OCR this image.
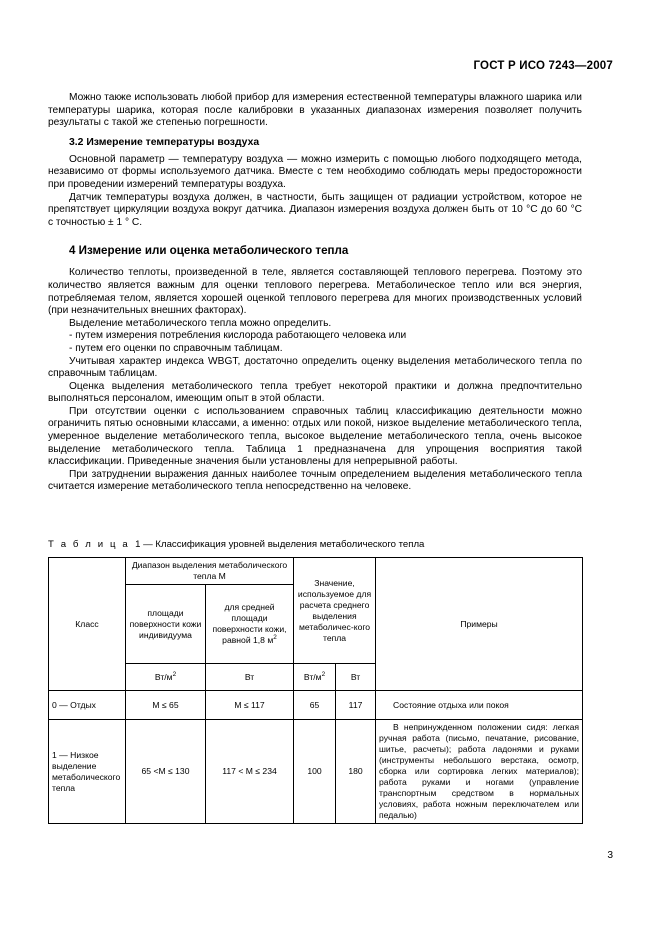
ГОСТ Р ИСО 7243—2007

Можно также использовать любой прибор для измерения естественной температуры влажного шарика или температуры шарика, которая после калибровки в указанных диапазонах измерения позволяет получить результаты с такой же степенью погрешности.

3.2 Измерение температуры воздуха

Основной параметр — температуру воздуха — можно измерить с помощью любого подходящего метода, независимо от формы используемого датчика. Вместе с тем необходимо соблюдать меры предосторожности при проведении измерений температуры воздуха.

Датчик температуры воздуха должен, в частности, быть защищен от радиации устройством, которое не препятствует циркуляции воздуха вокруг датчика. Диапазон измерения воздуха должен быть от 10 °C до 60 °C с точностью ± 1 ° C.

4 Измерение или оценка метаболического тепла

Количество теплоты, произведенной в теле, является составляющей теплового перегрева. Поэтому это количество является важным для оценки теплового перегрева. Метаболическое тепло или вся энергия, потребляемая телом, является хорошей оценкой теплового перегрева для многих производственных условий (при незначительных внешних факторах).

Выделение метаболического тепла можно определить.

- путем измерения потребления кислорода работающего человека или

- путем его оценки по справочным таблицам.

Учитывая характер индекса WBGT, достаточно определить оценку выделения метаболического тепла по справочным таблицам.

Оценка выделения метаболического тепла требует некоторой практики и должна предпочтительно выполняться персоналом, имеющим опыт в этой области.

При отсутствии оценки с использованием справочных таблиц классификацию деятельности можно ограничить пятью основными классами, а именно: отдых или покой, низкое выделение метаболического тепла, умеренное выделение метаболического тепла, высокое выделение метаболического тепла, очень высокое выделение метаболического тепла. Таблица 1 предназначена для упрощения восприятия такой классификации. Приведенные значения были установлены для непрерывной работы.

При затруднении выражения данных наиболее точным определением выделения метаболического тепла считается измерение метаболического тепла непосредственно на человеке.

Т а б л и ц а 1 — Классификация уровней выделения метаболического тепла
Класс	Диапазон выделения метаболического тепла М		Значение, используемое для расчета среднего выделения метаболичес-кого тепла		Примеры
	площади поверхности кожи индивидуума	для средней площади поверхности кожи, равной 1,8 $м^2$
	$Вт/м^2$	Вт	$Вт/м^2$	Вт	
0 — Отдых	М ≤ 65	М ≤ 117	65	117	Состояние отдыха или покоя

1 — Низкое выделение метаболического тепла	65 <М ≤ 130	117 < М ≤ 234	100	180	В непринужденном положении сидя: легкая ручная работа (письмо, печатание, рисование, шитье, расчеты); работа ладонями и руками (инструменты небольшого верстака, осмотр, сборка или сортировка легких материалов); работа руками и ногами (управление транспортным средством в нормальных условиях, работа ножным переключателем или педалью)
3
